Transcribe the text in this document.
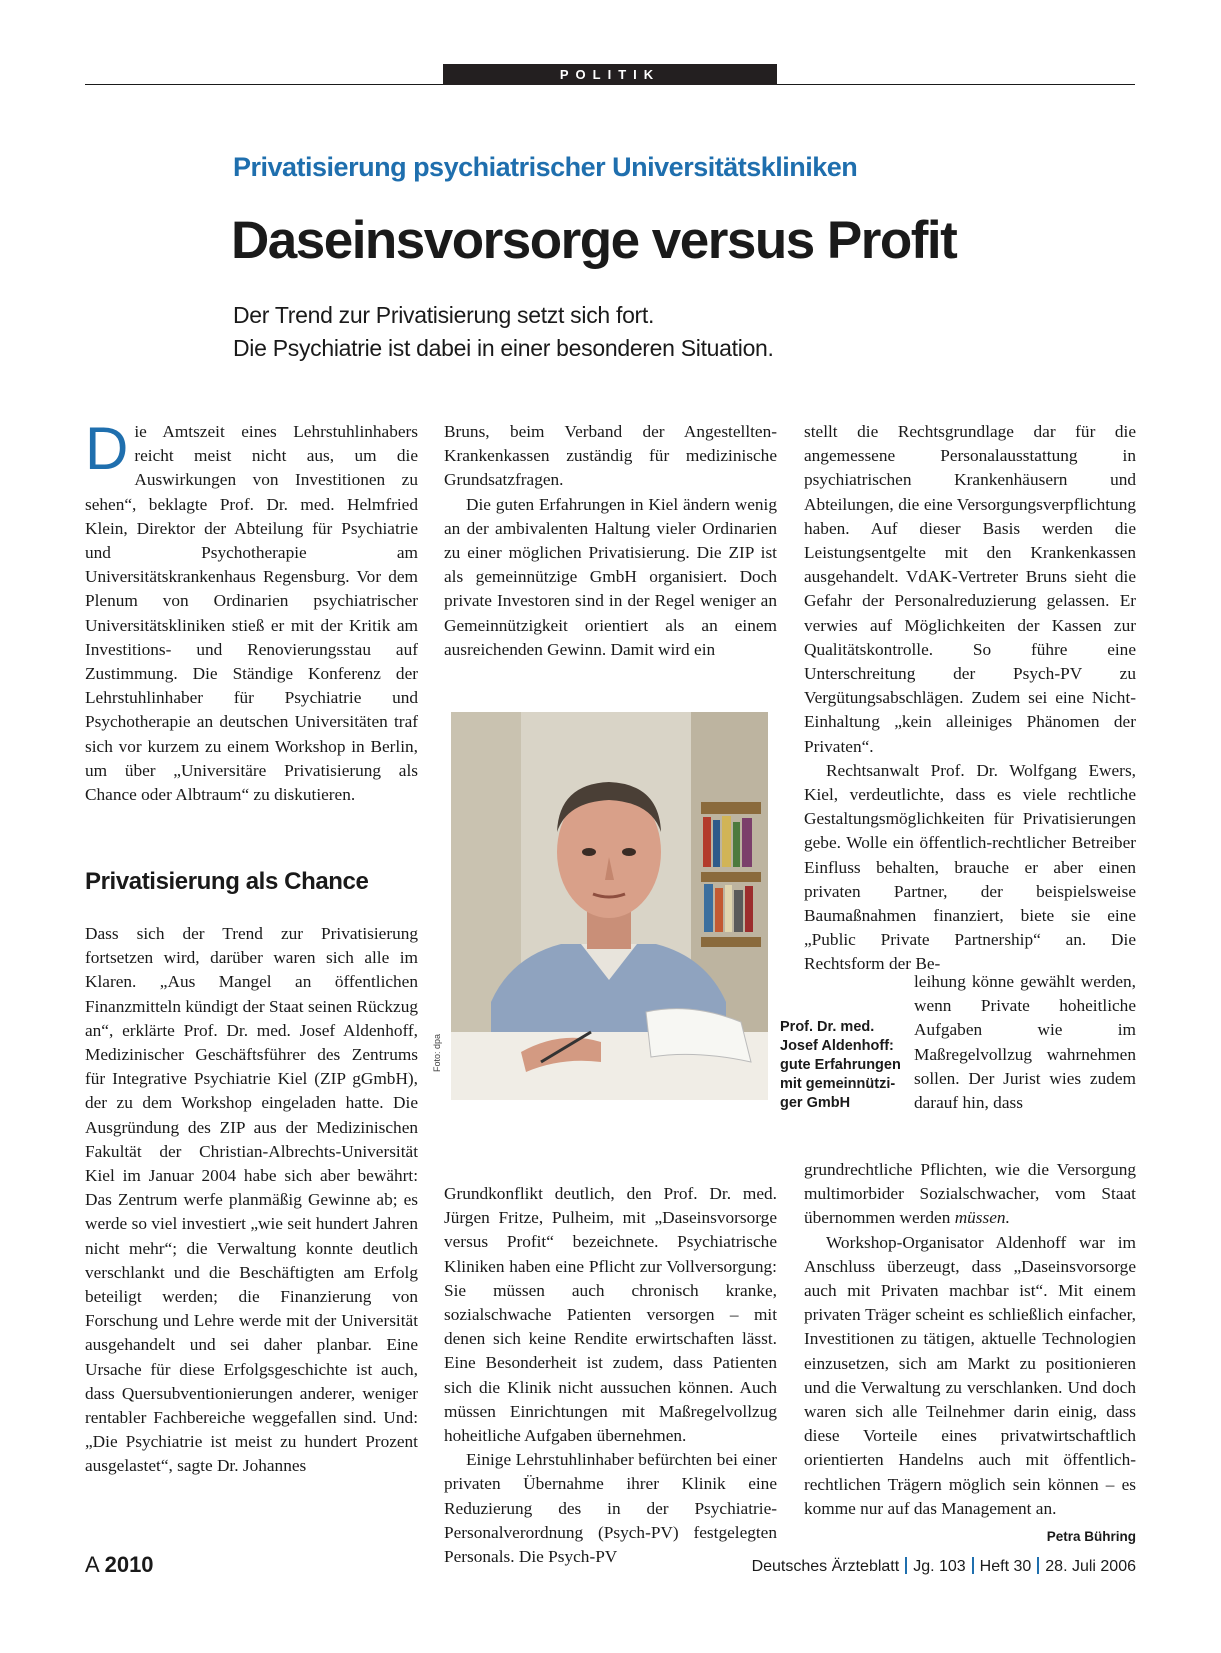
POLITIK
Privatisierung psychiatrischer Universitätskliniken
Daseinsvorsorge versus Profit
Der Trend zur Privatisierung setzt sich fort.
Die Psychiatrie ist dabei in einer besonderen Situation.

Die Amtszeit eines Lehrstuhlinhabers reicht meist nicht aus, um die Auswirkungen von Investitionen zu sehen“, beklagte Prof. Dr. med. Helmfried Klein, Direktor der Abteilung für Psychiatrie und Psychotherapie am Universitätskrankenhaus Regensburg. Vor dem Plenum von Ordinarien psychiatrischer Universitätskliniken stieß er mit der Kritik am Investitions- und Renovierungsstau auf Zustimmung. Die Ständige Konferenz der Lehrstuhlinhaber für Psychiatrie und Psychotherapie an deutschen Universitäten traf sich vor kurzem zu einem Workshop in Berlin, um über „Universitäre Privatisierung als Chance oder Albtraum“ zu diskutieren.

Privatisierung als Chance

Dass sich der Trend zur Privatisierung fortsetzen wird, darüber waren sich alle im Klaren. „Aus Mangel an öffentlichen Finanzmitteln kündigt der Staat seinen Rückzug an“, erklärte Prof. Dr. med. Josef Aldenhoff, Medizinischer Geschäftsführer des Zentrums für Integrative Psychiatrie Kiel (ZIP gGmbH), der zu dem Workshop eingeladen hatte. Die Ausgründung des ZIP aus der Medizinischen Fakultät der Christian-Albrechts-Universität Kiel im Januar 2004 habe sich aber bewährt: Das Zentrum werfe planmäßig Gewinne ab; es werde so viel investiert „wie seit hundert Jahren nicht mehr“; die Verwaltung konnte deutlich verschlankt und die Beschäftigten am Erfolg beteiligt werden; die Finanzierung von Forschung und Lehre werde mit der Universität ausgehandelt und sei daher planbar. Eine Ursache für diese Erfolgsgeschichte ist auch, dass Quersubventionierungen anderer, weniger rentabler Fachbereiche weggefallen sind. Und: „Die Psychiatrie ist meist zu hundert Prozent ausgelastet“, sagte Dr. Johannes

Bruns, beim Verband der Angestellten-Krankenkassen zuständig für medizinische Grundsatzfragen.

Die guten Erfahrungen in Kiel ändern wenig an der ambivalenten Haltung vieler Ordinarien zu einer möglichen Privatisierung. Die ZIP ist als gemeinnützige GmbH organisiert. Doch private Investoren sind in der Regel weniger an Gemeinnützigkeit orientiert als an einem ausreichenden Gewinn. Damit wird ein

Foto: dpa
Prof. Dr. med.
Josef Aldenhoff:
gute Erfahrungen
mit gemeinnützi-
ger GmbH

Grundkonflikt deutlich, den Prof. Dr. med. Jürgen Fritze, Pulheim, mit „Daseinsvorsorge versus Profit“ bezeichnete. Psychiatrische Kliniken haben eine Pflicht zur Vollversorgung: Sie müssen auch chronisch kranke, sozialschwache Patienten versorgen – mit denen sich keine Rendite erwirtschaften lässt. Eine Besonderheit ist zudem, dass Patienten sich die Klinik nicht aussuchen können. Auch müssen Einrichtungen mit Maßregelvollzug hoheitliche Aufgaben übernehmen.

Einige Lehrstuhlinhaber befürchten bei einer privaten Übernahme ihrer Klinik eine Reduzierung des in der Psychiatrie-Personalverordnung (Psych-PV) festgelegten Personals. Die Psych-PV

stellt die Rechtsgrundlage dar für die angemessene Personalausstattung in psychiatrischen Krankenhäusern und Abteilungen, die eine Versorgungsverpflichtung haben. Auf dieser Basis werden die Leistungsentgelte mit den Krankenkassen ausgehandelt. VdAK-Vertreter Bruns sieht die Gefahr der Personalreduzierung gelassen. Er verwies auf Möglichkeiten der Kassen zur Qualitätskontrolle. So führe eine Unterschreitung der Psych-PV zu Vergütungsabschlägen. Zudem sei eine Nicht-Einhaltung „kein alleiniges Phänomen der Privaten“.

Rechtsanwalt Prof. Dr. Wolfgang Ewers, Kiel, verdeutlichte, dass es viele rechtliche Gestaltungsmöglichkeiten für Privatisierungen gebe. Wolle ein öffentlich-rechtlicher Betreiber Einfluss behalten, brauche er aber einen privaten Partner, der beispielsweise Baumaßnahmen finanziert, biete sie eine „Public Private Partnership“ an. Die Rechtsform der Be-

leihung könne gewählt werden, wenn Private hoheitliche Aufgaben wie im Maßregelvollzug wahrnehmen sollen. Der Jurist wies zudem darauf hin, dass

grundrechtliche Pflichten, wie die Versorgung multimorbider Sozialschwacher, vom Staat übernommen werden müssen.

Workshop-Organisator Aldenhoff war im Anschluss überzeugt, dass „Daseinsvorsorge auch mit Privaten machbar ist“. Mit einem privaten Träger scheint es schließlich einfacher, Investitionen zu tätigen, aktuelle Technologien einzusetzen, sich am Markt zu positionieren und die Verwaltung zu verschlanken. Und doch waren sich alle Teilnehmer darin einig, dass diese Vorteile eines privatwirtschaftlich orientierten Handelns auch mit öffentlich-rechtlichen Trägern möglich sein können – es komme nur auf das Management an.
Petra Bühring

A 2010	Deutsches Ärzteblatt Jg. 103 Heft 30 28. Juli 2006
